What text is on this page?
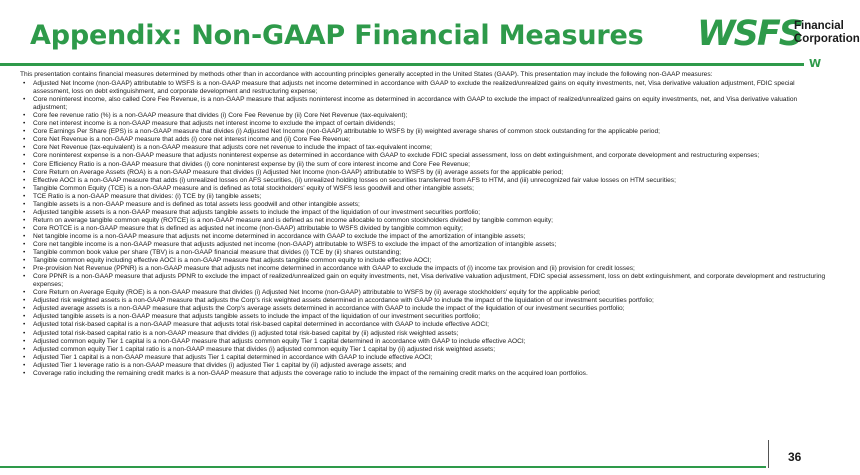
Appendix: Non-GAAP Financial Measures WSFS
Financial
Corporation
W

This presentation contains financial measures determined by methods other than in accordance with accounting principles generally accepted in the United States (GAAP). This presentation may include the following non-GAAP measures:

• Adjusted Net Income (non-GAAP) attributable to WSFS is a non-GAAP measure that adjusts net income determined in accordance with GAAP to exclude the realized/unrealized gains on equity investments, net, Visa derivative valuation adjustment, FDIC special assessment, loss on debt extinguishment, and corporate development and restructuring expense;
• Core noninterest income, also called Core Fee Revenue, is a non-GAAP measure that adjusts noninterest income as determined in accordance with GAAP to exclude the impact of realized/unrealized gains on equity investments, net, and Visa derivative valuation adjustment;
• Core fee revenue ratio (%) is a non-GAAP measure that divides (i) Core Fee Revenue by (ii) Core Net Revenue (tax-equivalent);
• Core net interest income is a non-GAAP measure that adjusts net interest income to exclude the impact of certain dividends;
• Core Earnings Per Share (EPS) is a non-GAAP measure that divides (i) Adjusted Net Income (non-GAAP) attributable to WSFS by (ii) weighted average shares of common stock outstanding for the applicable period;
• Core Net Revenue is a non-GAAP measure that adds (i) core net interest income and (ii) Core Fee Revenue;
• Core Net Revenue (tax-equivalent) is a non-GAAP measure that adjusts core net revenue to include the impact of tax-equivalent income;
• Core noninterest expense is a non-GAAP measure that adjusts noninterest expense as determined in accordance with GAAP to exclude FDIC special assessment, loss on debt extinguishment, and corporate development and restructuring expenses;
• Core Efficiency Ratio is a non-GAAP measure that divides (i) core noninterest expense by (ii) the sum of core interest income and Core Fee Revenue;
• Core Return on Average Assets (ROA) is a non-GAAP measure that divides (i) Adjusted Net Income (non-GAAP) attributable to WSFS by (ii) average assets for the applicable period;
• Effective AOCI is a non-GAAP measure that adds (i) unrealized losses on AFS securities, (ii) unrealized holding losses on securities transferred from AFS to HTM, and (iii) unrecognized fair value losses on HTM securities;
• Tangible Common Equity (TCE) is a non-GAAP measure and is defined as total stockholders' equity of WSFS less goodwill and other intangible assets;
• TCE Ratio is a non-GAAP measure that divides: (i) TCE by (ii) tangible assets;
• Tangible assets is a non-GAAP measure and is defined as total assets less goodwill and other intangible assets;
• Adjusted tangible assets is a non-GAAP measure that adjusts tangible assets to include the impact of the liquidation of our investment securities portfolio;
• Return on average tangible common equity (ROTCE) is a non-GAAP measure and is defined as net income allocable to common stockholders divided by tangible common equity;
• Core ROTCE is a non-GAAP measure that is defined as adjusted net income (non-GAAP) attributable to WSFS divided by tangible common equity;
• Net tangible income is a non-GAAP measure that adjusts net income determined in accordance with GAAP to exclude the impact of the amortization of intangible assets;
• Core net tangible income is a non-GAAP measure that adjusts adjusted net income (non-GAAP) attributable to WSFS to exclude the impact of the amortization of intangible assets;
• Tangible common book value per share (TBV) is a non-GAAP financial measure that divides (i) TCE by (ii) shares outstanding;
• Tangible common equity including effective AOCI is a non-GAAP measure that adjusts tangible common equity to include effective AOCI;
• Pre-provision Net Revenue (PPNR) is a non-GAAP measure that adjusts net income determined in accordance with GAAP to exclude the impacts of (i) income tax provision and (ii) provision for credit losses;
• Core PPNR is a non-GAAP measure that adjusts PPNR to exclude the impact of realized/unrealized gain on equity investments, net, Visa derivative valuation adjustment, FDIC special assessment, loss on debt extinguishment, and corporate development and restructuring expenses;
• Core Return on Average Equity (ROE) is a non-GAAP measure that divides (i) Adjusted Net Income (non-GAAP) attributable to WSFS by (ii) average stockholders' equity for the applicable period;
• Adjusted risk weighted assets is a non-GAAP measure that adjusts the Corp's risk weighted assets determined in accordance with GAAP to include the impact of the liquidation of our investment securities portfolio;
• Adjusted average assets is a non-GAAP measure that adjusts the Corp's average assets determined in accordance with GAAP to include the impact of the liquidation of our investment securities portfolio;
• Adjusted tangible assets is a non-GAAP measure that adjusts tangible assets to include the impact of the liquidation of our investment securities portfolio;
• Adjusted total risk-based capital is a non-GAAP measure that adjusts total risk-based capital determined in accordance with GAAP to include effective AOCI;
• Adjusted total risk-based capital ratio is a non-GAAP measure that divides (i) adjusted total risk-based capital by (ii) adjusted risk weighted assets;
• Adjusted common equity Tier 1 capital is a non-GAAP measure that adjusts common equity Tier 1 capital determined in accordance with GAAP to include effective AOCI;
• Adjusted common equity Tier 1 capital ratio is a non-GAAP measure that divides (i) adjusted common equity Tier 1 capital by (ii) adjusted risk weighted assets;
• Adjusted Tier 1 capital is a non-GAAP measure that adjusts Tier 1 capital determined in accordance with GAAP to include effective AOCI;
• Adjusted Tier 1 leverage ratio is a non-GAAP measure that divides (i) adjusted Tier 1 capital by (ii) adjusted average assets; and
• Coverage ratio including the remaining credit marks is a non-GAAP measure that adjusts the coverage ratio to include the impact of the remaining credit marks on the acquired loan portfolios.
36
